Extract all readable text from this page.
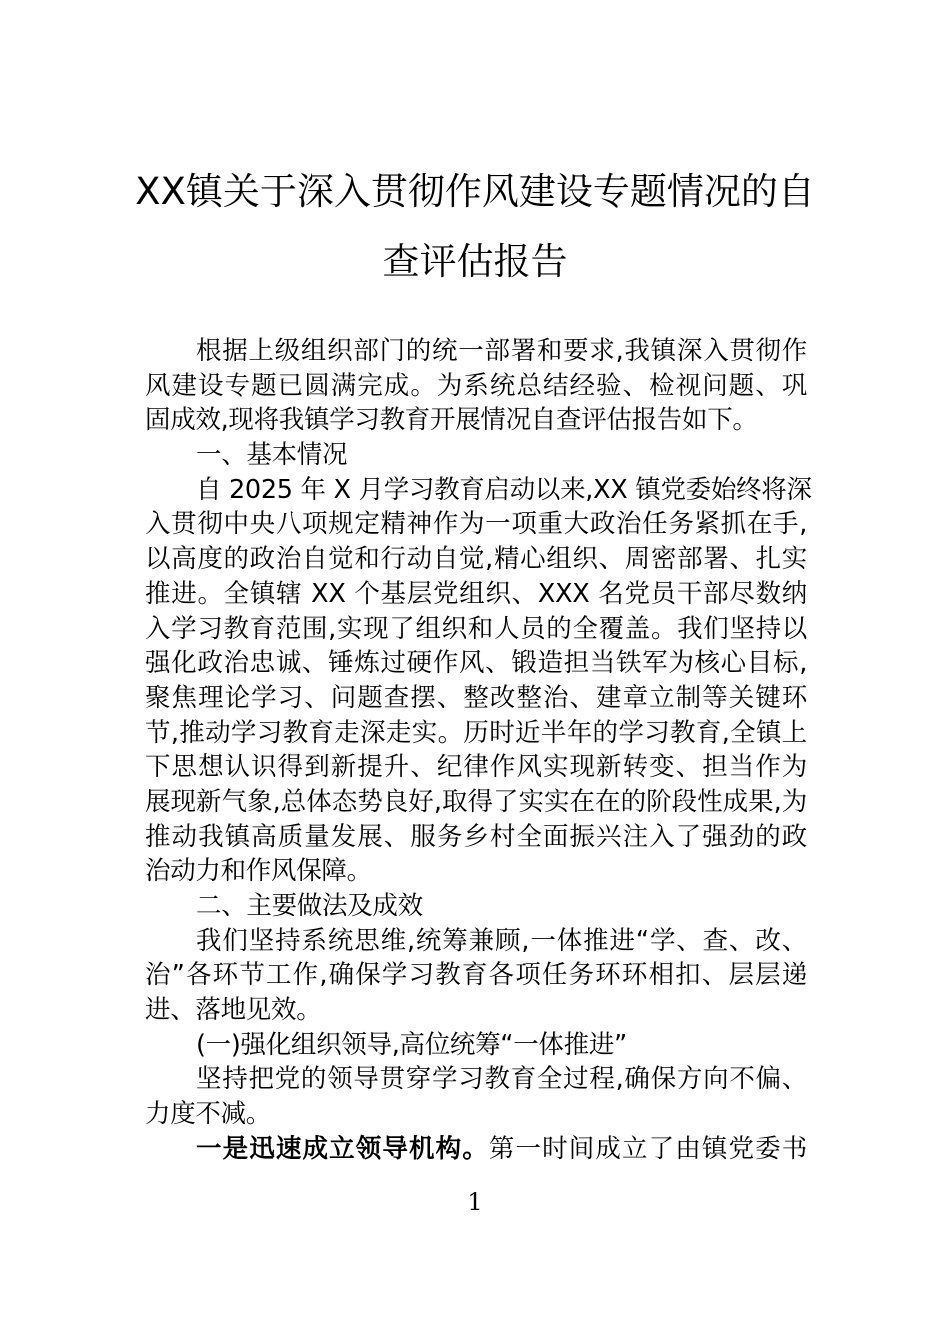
XX镇关于深入贯彻作风建设专题情况的自
查评估报告
根据上级组织部门的统一部署和要求,我镇深入贯彻作
风建设专题已圆满完成。为系统总结经验、检视问题、巩
固成效,现将我镇学习教育开展情况自查评估报告如下。
一、基本情况
自 2025 年 X 月学习教育启动以来,XX 镇党委始终将深
入贯彻中央八项规定精神作为一项重大政治任务紧抓在手,
以高度的政治自觉和行动自觉,精心组织、周密部署、扎实
推进。全镇辖 XX 个基层党组织、XXX 名党员干部尽数纳
入学习教育范围,实现了组织和人员的全覆盖。我们坚持以
强化政治忠诚、锤炼过硬作风、锻造担当铁军为核心目标,
聚焦理论学习、问题查摆、整改整治、建章立制等关键环
节,推动学习教育走深走实。历时近半年的学习教育,全镇上
下思想认识得到新提升、纪律作风实现新转变、担当作为
展现新气象,总体态势良好,取得了实实在在的阶段性成果,为
推动我镇高质量发展、服务乡村全面振兴注入了强劲的政
治动力和作风保障。
二、主要做法及成效
我们坚持系统思维,统筹兼顾,一体推进“学、查、改、
治”各环节工作,确保学习教育各项任务环环相扣、层层递
进、落地见效。
(一)强化组织领导,高位统筹“一体推进”
坚持把党的领导贯穿学习教育全过程,确保方向不偏、
力度不减。
一是迅速成立领导机构。第一时间成立了由镇党委书
1
